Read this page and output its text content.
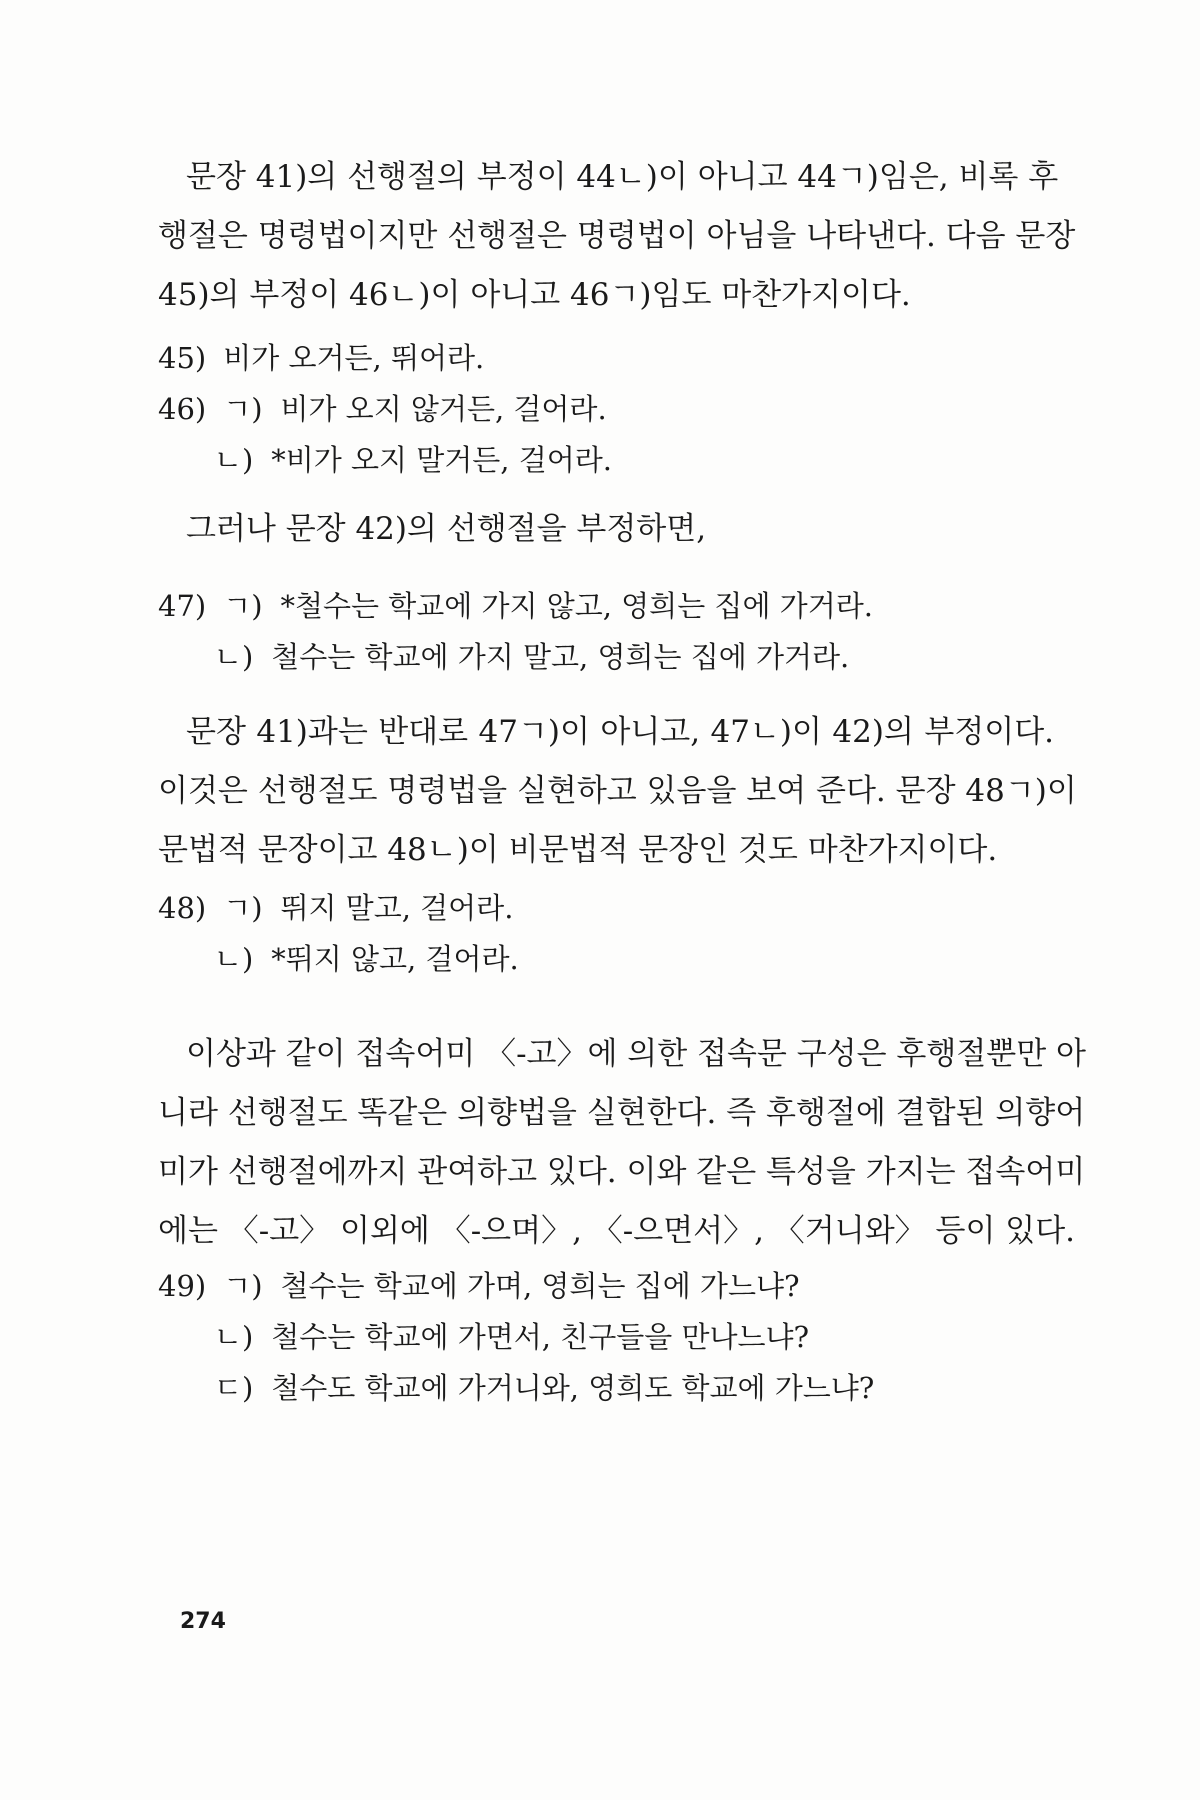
문장 41)의 선행절의 부정이 44ㄴ)이 아니고 44ㄱ)임은, 비록 후
행절은 명령법이지만 선행절은 명령법이 아님을 나타낸다. 다음 문장
45)의 부정이 46ㄴ)이 아니고 46ㄱ)임도 마찬가지이다.

45) 비가 오거든, 뛰어라.
46) ㄱ) 비가 오지 않거든, 걸어라.
ㄴ) *비가 오지 말거든, 걸어라.

그러나 문장 42)의 선행절을 부정하면,

47) ㄱ) *철수는 학교에 가지 않고, 영희는 집에 가거라.
ㄴ) 철수는 학교에 가지 말고, 영희는 집에 가거라.

문장 41)과는 반대로 47ㄱ)이 아니고, 47ㄴ)이 42)의 부정이다.
이것은 선행절도 명령법을 실현하고 있음을 보여 준다. 문장 48ㄱ)이
문법적 문장이고 48ㄴ)이 비문법적 문장인 것도 마찬가지이다.

48) ㄱ) 뛰지 말고, 걸어라.
ㄴ) *뛰지 않고, 걸어라.

이상과 같이 접속어미 〈-고〉에 의한 접속문 구성은 후행절뿐만 아
니라 선행절도 똑같은 의향법을 실현한다. 즉 후행절에 결합된 의향어
미가 선행절에까지 관여하고 있다. 이와 같은 특성을 가지는 접속어미
에는 〈-고〉 이외에 〈-으며〉, 〈-으면서〉, 〈거니와〉 등이 있다.

49) ㄱ) 철수는 학교에 가며, 영희는 집에 가느냐?
ㄴ) 철수는 학교에 가면서, 친구들을 만나느냐?
ㄷ) 철수도 학교에 가거니와, 영희도 학교에 가느냐?
274
